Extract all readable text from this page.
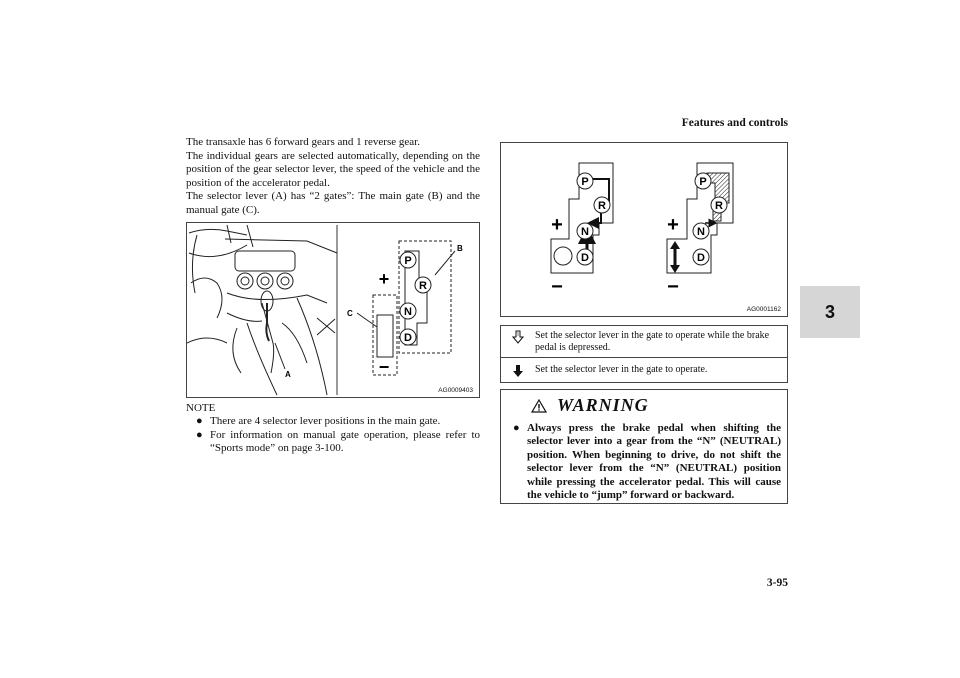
Features and controls
3

The transaxle has 6 forward gears and 1 reverse gear.

The individual gears are selected automatically, depending on the position of the gear selector lever, the speed of the vehicle and the position of the accelerator pedal.

The selector lever (A) has “2 gates”: The main gate (B) and the manual gate (C).

A
P
R
N
D
+
−
B
C
AG0009403
P
R
N
D
+
−
P
R
N
D
+
−
AG0001162

NOTE

● There are 4 selector lever positions in the main gate.
● For information on manual gate operation, please refer to “Sports mode” on page 3-100.
Set the selector lever in the gate to operate while the brake pedal is depressed.
Set the selector lever in the gate to operate.
WARNING
● Always press the brake pedal when shifting the selector lever into a gear from the “N” (NEUTRAL) position. When beginning to drive, do not shift the selector lever from the “N” (NEUTRAL) position while pressing the accelerator pedal. This will cause the vehicle to “jump” forward or backward.
3-95
